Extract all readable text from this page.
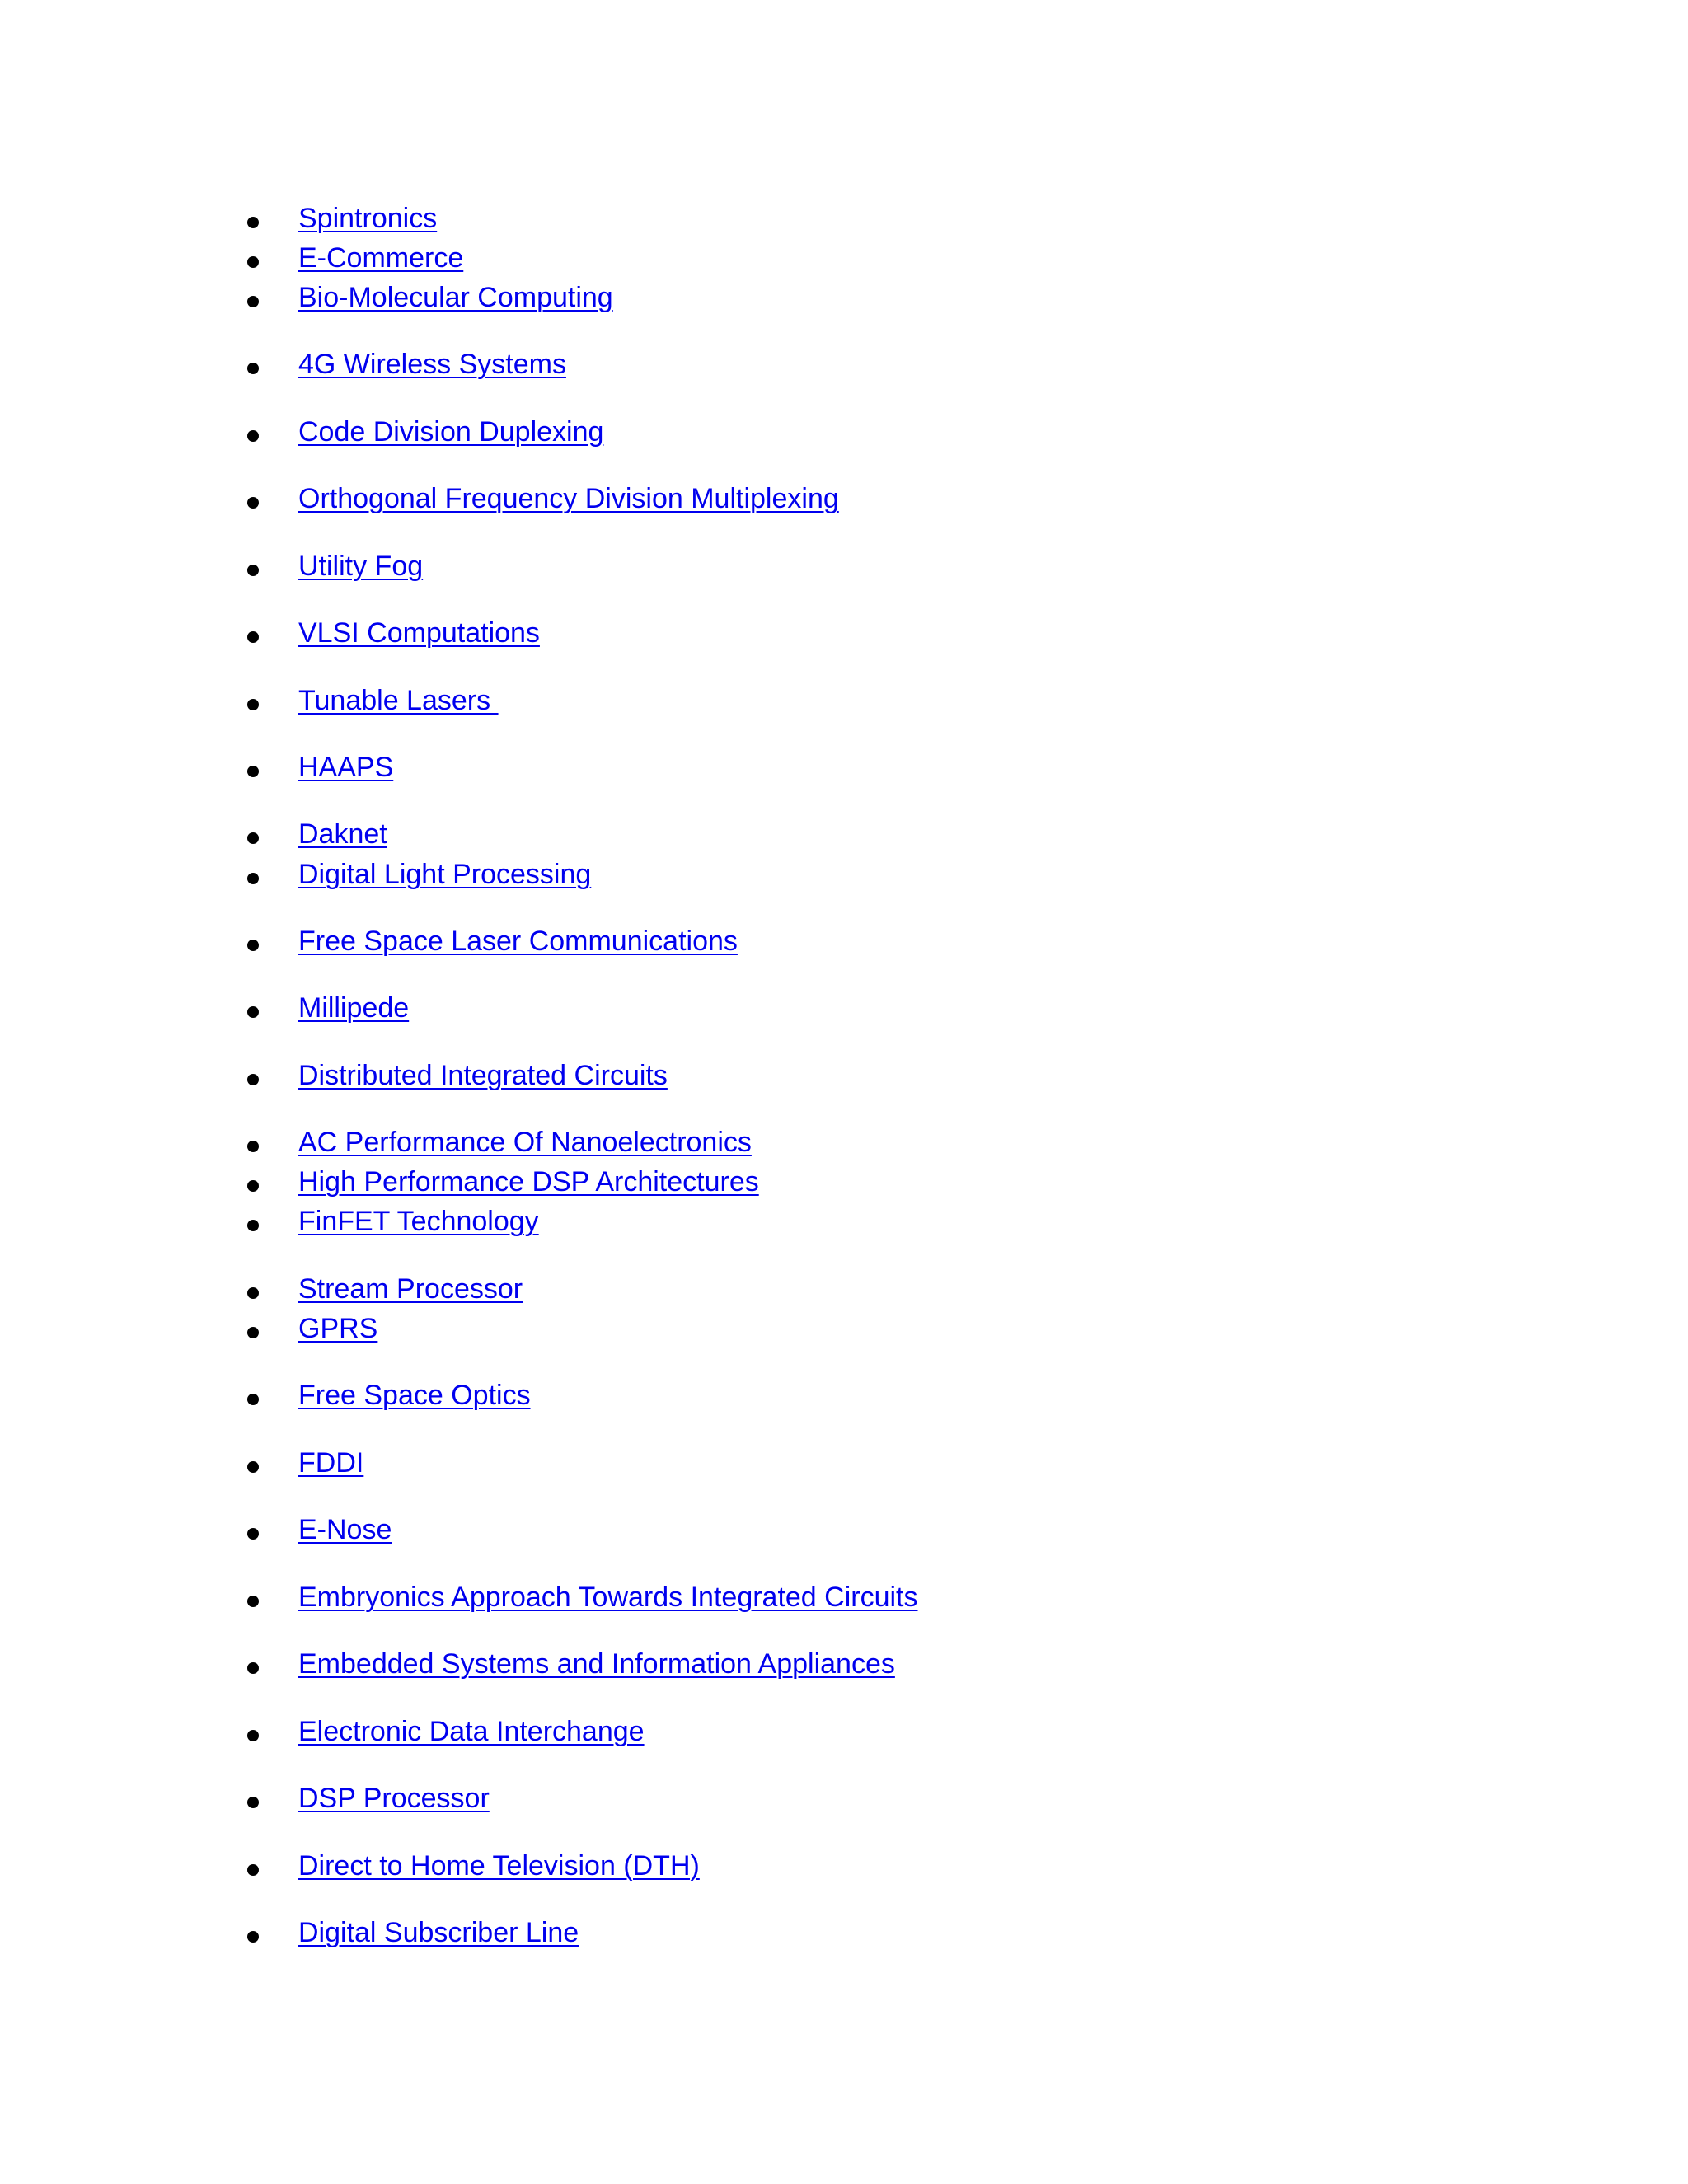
Spintronics
E-Commerce
Bio-Molecular Computing
4G Wireless Systems
Code Division Duplexing
Orthogonal Frequency Division Multiplexing
Utility Fog
VLSI Computations
Tunable Lasers
HAAPS
Daknet
Digital Light Processing
Free Space Laser Communications
Millipede
Distributed Integrated Circuits
AC Performance Of Nanoelectronics
High Performance DSP Architectures
FinFET Technology
Stream Processor
GPRS
Free Space Optics
FDDI
E-Nose
Embryonics Approach Towards Integrated Circuits
Embedded Systems and Information Appliances
Electronic Data Interchange
DSP Processor
Direct to Home Television (DTH)
Digital Subscriber Line
